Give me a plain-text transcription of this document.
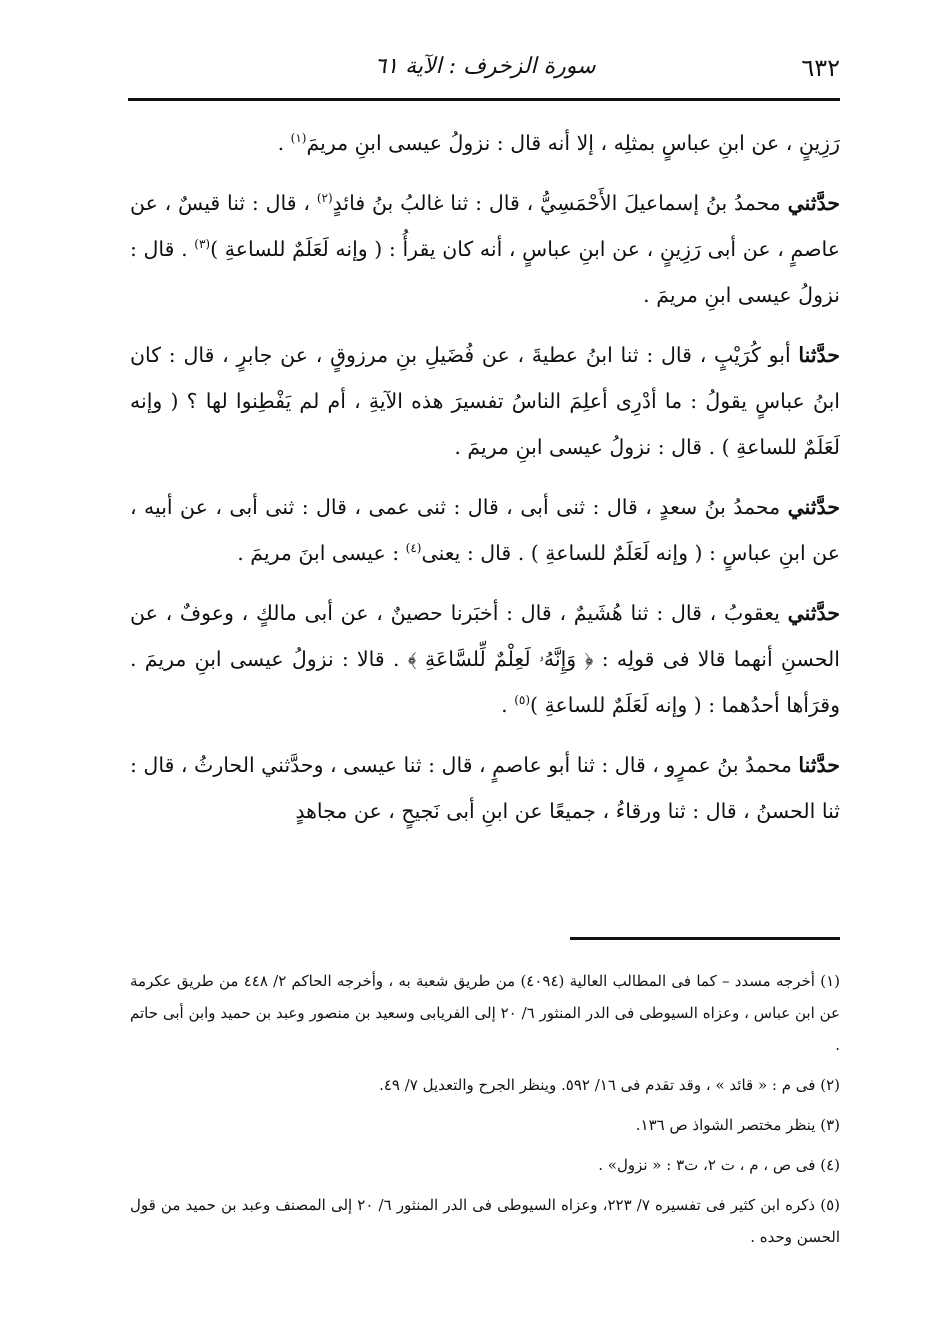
٦٣٢
سورة الزخرف : الآية ٦١

رَزِينٍ ، عن ابنِ عباسٍ بمثلِه ، إلا أنه قال : نزولُ عيسى ابنِ مريمَ$^{(١)}$ .

حدَّثني محمدُ بنُ إسماعيلَ الأَحْمَسِيُّ ، قال : ثنا غالبُ بنُ فائدٍ$^{(٢)}$ ، قال : ثنا قيسٌ ، عن عاصمٍ ، عن أبى رَزِينٍ ، عن ابنِ عباسٍ ، أنه كان يقرأُ : ( وإنه لَعَلَمٌ للساعةِ )$^{(٣)}$ . قال : نزولُ عيسى ابنِ مريمَ .

حدَّثنا أبو كُرَيْبٍ ، قال : ثنا ابنُ عطيةَ ، عن فُضَيلِ بنِ مرزوقٍ ، عن جابرٍ ، قال : كان ابنُ عباسٍ يقولُ : ما أدْرِى أعلِمَ الناسُ تفسيرَ هذه الآيةِ ، أم لم يَفْطِنوا لها ؟ ( وإنه لَعَلَمٌ للساعةِ ) . قال : نزولُ عيسى ابنِ مريمَ .

حدَّثني محمدُ بنُ سعدٍ ، قال : ثنى أبى ، قال : ثنى عمى ، قال : ثنى أبى ، عن أبيه ، عن ابنِ عباسٍ : ( وإنه لَعَلَمٌ للساعةِ ) . قال : يعنى$^{(٤)}$ : عيسى ابنَ مريمَ .

حدَّثني يعقوبُ ، قال : ثنا هُشَيمٌ ، قال : أخبَرنا حصينٌ ، عن أبى مالكٍ ، وعوفٌ ، عن الحسنِ أنهما قالا فى قولِه : ﴿ وَإِنَّهُۥ لَعِلْمٌ لِّلسَّاعَةِ ﴾ . قالا : نزولُ عيسى ابنِ مريمَ . وقرَأها أحدُهما : ( وإنه لَعَلَمٌ للساعةِ )$^{(٥)}$ .

حدَّثنا محمدُ بنُ عمرٍو ، قال : ثنا أبو عاصمٍ ، قال : ثنا عيسى ، وحدَّثني الحارثُ ، قال : ثنا الحسنُ ، قال : ثنا ورقاءُ ، جميعًا عن ابنِ أبى نَجيحٍ ، عن مجاهدٍ

(١) أخرجه مسدد – كما فى المطالب العالية (٤٠٩٤) من طريق شعبة به ، وأخرجه الحاكم ٢/ ٤٤٨ من طريق عكرمة عن ابن عباس ، وعزاه السيوطى فى الدر المنثور ٦/ ٢٠ إلى الفريابى وسعيد بن منصور وعبد بن حميد وابن أبى حاتم .

(٢) فى م : « قائد » ، وقد تقدم فى ١٦/ ٥٩٢. وينظر الجرح والتعديل ٧/ ٤٩.

(٣) ينظر مختصر الشواذ ص ١٣٦.

(٤) فى ص ، م ، ت ٢، ت٣ : « نزول» .

(٥) ذكره ابن كثير فى تفسيره ٧/ ٢٢٣، وعزاه السيوطى فى الدر المنثور ٦/ ٢٠ إلى المصنف وعبد بن حميد من قول الحسن وحده .
